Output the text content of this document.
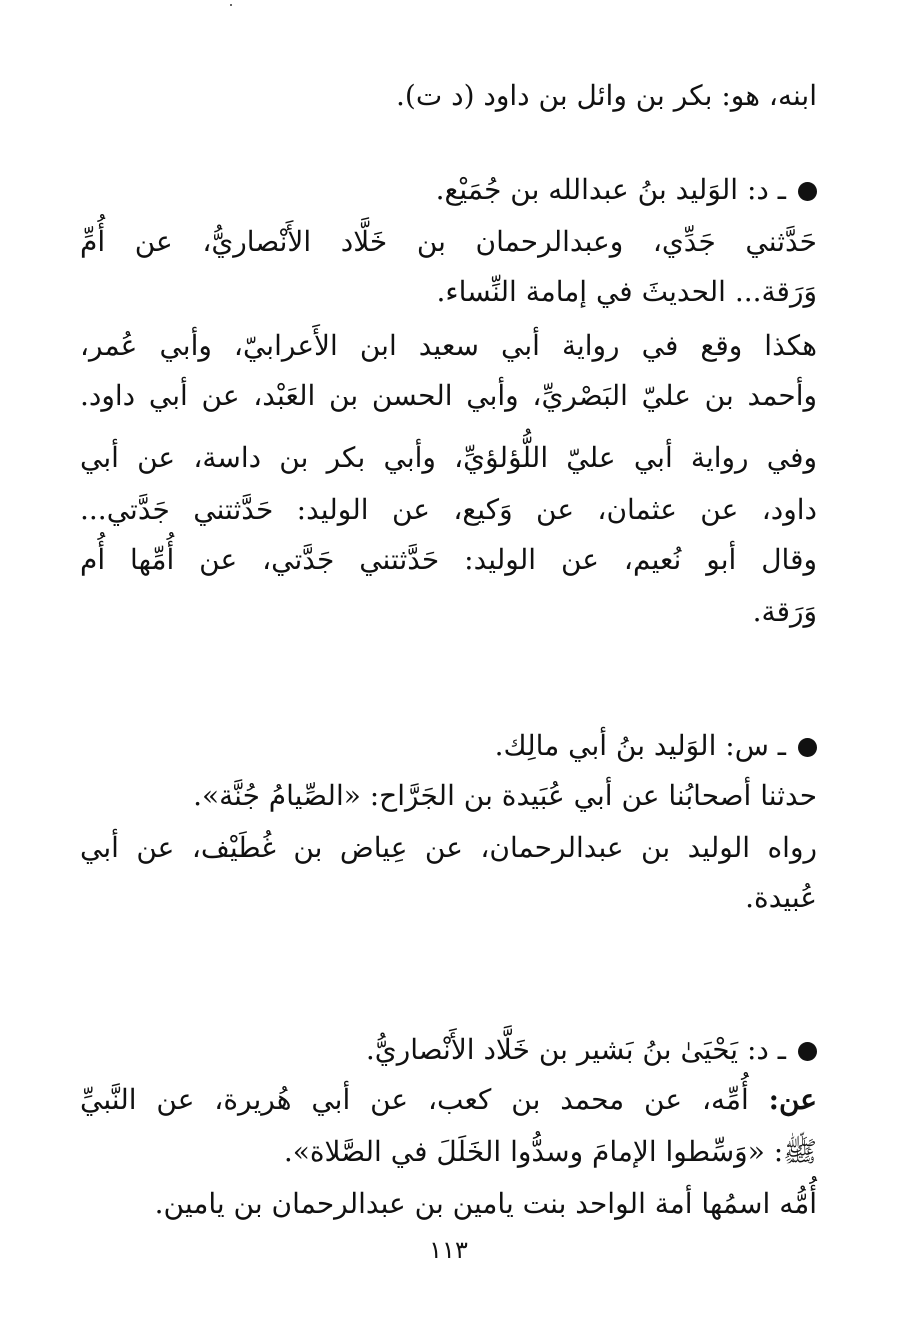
ابنه، هو: بكر بن وائل بن داود (د ت).
ـ د: الوَليد بنُ عبدالله بن جُمَيْع.
حَدَّثني جَدِّي، وعبدالرحمان بن خَلَّاد الأَنْصاريُّ، عن أُمِّ
وَرَقة... الحديثَ في إمامة النِّساء.
هكذا وقع في رواية أبي سعيد ابن الأَعرابيّ، وأبي عُمر،
وأحمد بن عليّ البَصْريِّ، وأبي الحسن بن العَبْد، عن أبي داود.
وفي رواية أبي عليّ اللُّؤلؤيِّ، وأبي بكر بن داسة، عن أبي
داود، عن عثمان، عن وَكيع، عن الوليد: حَدَّثتني جَدَّتي...
وقال أبو نُعيم، عن الوليد: حَدَّثتني جَدَّتي، عن أُمِّها أُم
وَرَقة.
ـ س: الوَليد بنُ أبي مالِك.
حدثنا أصحابُنا عن أبي عُبَيدة بن الجَرَّاح: «الصِّيامُ جُنَّة».
رواه الوليد بن عبدالرحمان، عن عِياض بن غُطَيْف، عن أبي
عُبيدة.
ـ د: يَحْيَىٰ بنُ بَشير بن خَلَّاد الأَنْصاريُّ.
عن: أُمِّه، عن محمد بن كعب، عن أبي هُريرة، عن النَّبيِّ
ﷺ: «وَسِّطوا الإمامَ وسدُّوا الخَلَلَ في الصَّلاة».
أُمُّه اسمُها أمة الواحد بنت يامين بن عبدالرحمان بن يامين.
١١٣
